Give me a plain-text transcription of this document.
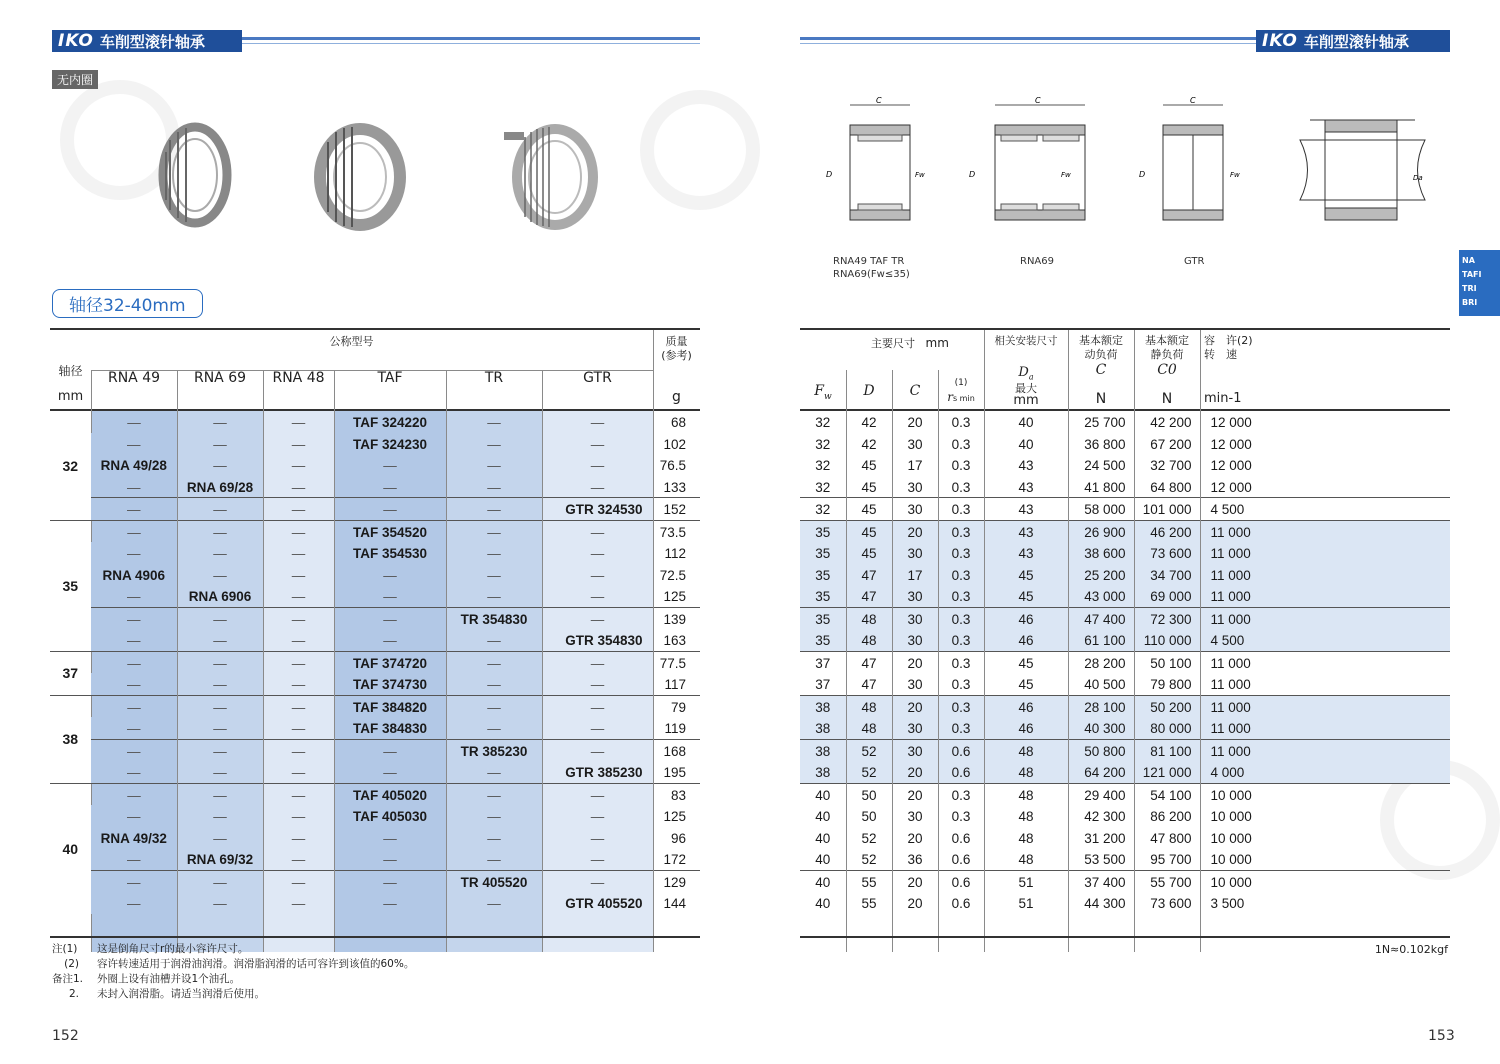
IKO 车削型滚针轴承
无内圈
轴径32-40mm
公称型号
轴径
mm
质量
(参考)
g
RNA 49	RNA 69	RNA 48	TAF	TR	GTR
32	—	—	—	TAF 324220	—	—	68
	—	—	—	TAF 324230	—	—	102
	RNA 49/28	—	—	—	—	—	76.5
	—	RNA 69/28	—	—	—	—	133
	—	—	—	—	—	GTR 324530	152
35	—	—	—	TAF 354520	—	—	73.5
	—	—	—	TAF 354530	—	—	112
	RNA 4906	—	—	—	—	—	72.5
	—	RNA 6906	—	—	—	—	125
	—	—	—	—	TR 354830	—	139
	—	—	—	—	—	GTR 354830	163
37	—	—	—	TAF 374720	—	—	77.5
	—	—	—	TAF 374730	—	—	117
38	—	—	—	TAF 384820	—	—	79
	—	—	—	TAF 384830	—	—	119
	—	—	—	—	TR 385230	—	168
	—	—	—	—	—	GTR 385230	195
40	—	—	—	TAF 405020	—	—	83
	—	—	—	TAF 405030	—	—	125
	RNA 49/32	—	—	—	—	—	96
	—	RNA 69/32	—	—	—	—	172
	—	—	—	—	TR 405520	—	129
	—	—	—	—	—	GTR 405520	144

注(1) 这是倒角尺寸r的最小容许尺寸。
(2) 容许转速适用于润滑油润滑。润滑脂润滑的话可容许到该值的60%。
备注1. 外圈上设有油槽并设1个油孔。
2. 未封入润滑脂。请适当润滑后使用。
152
IKO 车削型滚针轴承
C
D	Fw
C
D	Fw
C
D	Fw	Da
RNA49 TAF TR
RNA69(Fw≤35)
RNA69	GTR	NA
TAFI
TRI
BRI
主要尺寸 mm
$F_w$	D	C	(1)
rs min
相关安装尺寸
$D_a$
最大
mm
基本额定
动负荷
C
N
基本额定
静负荷
C0
N
容　许(2)
转　速
min-1
32	42	20	0.3	40	25 700	42 200	12 000
32	42	30	0.3	40	36 800	67 200	12 000
32	45	17	0.3	43	24 500	32 700	12 000
32	45	30	0.3	43	41 800	64 800	12 000
32	45	30	0.3	43	58 000	101 000	4 500
35	45	20	0.3	43	26 900	46 200	11 000
35	45	30	0.3	43	38 600	73 600	11 000
35	47	17	0.3	45	25 200	34 700	11 000
35	47	30	0.3	45	43 000	69 000	11 000
35	48	30	0.3	46	47 400	72 300	11 000
35	48	30	0.3	46	61 100	110 000	4 500
37	47	20	0.3	45	28 200	50 100	11 000
37	47	30	0.3	45	40 500	79 800	11 000
38	48	20	0.3	46	28 100	50 200	11 000
38	48	30	0.3	46	40 300	80 000	11 000
38	52	30	0.6	48	50 800	81 100	11 000
38	52	20	0.6	48	64 200	121 000	4 000
40	50	20	0.3	48	29 400	54 100	10 000
40	50	30	0.3	48	42 300	86 200	10 000
40	52	20	0.6	48	31 200	47 800	10 000
40	52	36	0.6	48	53 500	95 700	10 000
40	55	20	0.6	51	37 400	55 700	10 000
40	55	20	0.6	51	44 300	73 600	3 500

1N≈0.102kgf
153
